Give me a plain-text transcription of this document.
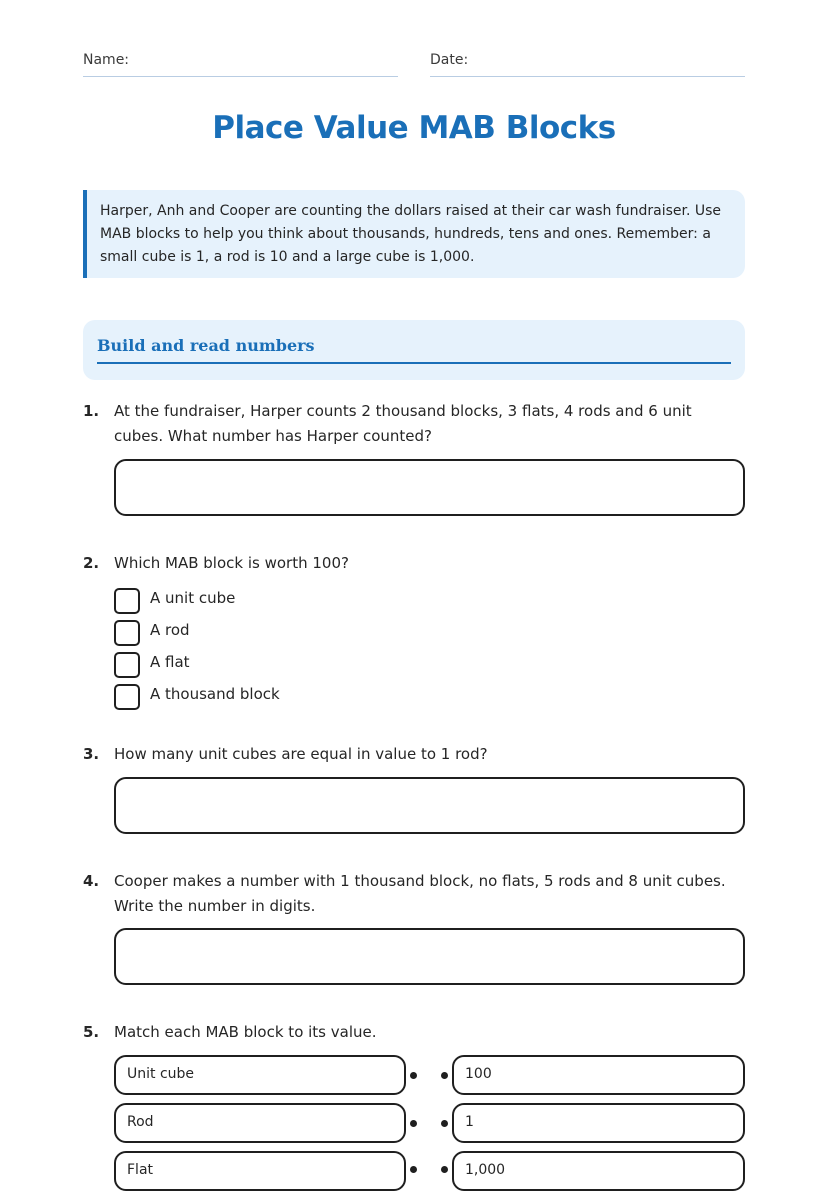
Name:	Date:
Place Value MAB Blocks

Harper, Anh and Cooper are counting the dollars raised at their car wash fundraiser. Use MAB blocks to help you think about thousands, hundreds, tens and ones. Remember: a small cube is 1, a rod is 10 and a large cube is 1,000.

Build and read numbers
1. At the fundraiser, Harper counts 2 thousand blocks, 3 flats, 4 rods and 6 unit cubes. What number has Harper counted?
2. Which MAB block is worth 100?
A unit cube
A rod
A flat
A thousand block
3. How many unit cubes are equal in value to 1 rod?
4. Cooper makes a number with 1 thousand block, no flats, 5 rods and 8 unit cubes. Write the number in digits.
5. Match each MAB block to its value.
Unit cube	100
Rod	1
Flat	1,000
